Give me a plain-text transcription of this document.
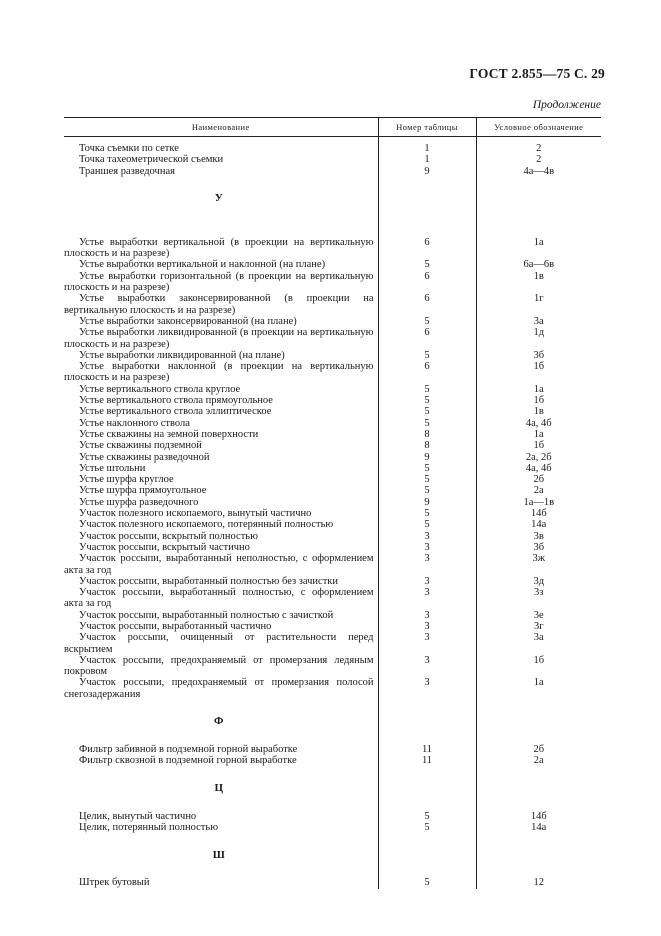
ГОСТ 2.855—75 С. 29
Продолжение
Наименование	Номер таблицы	Условное обозначение

Точка съемки по сетке	1	2

Точка тахеометрической съемки	1	2

Траншея разведочная	9	4а—4в
У		

Устье выработки вертикальной (в проекции на вертикальную плоскость и на разрезе)	6	1а

Устье выработки вертикальной и наклонной (на плане)	5	6а—6в

Устье выработки горизонтальной (в проекции на вертикальную плоскость и на разрезе)	6	1в

Устье выработки законсервированной (в проекции на вертикальную плоскость и на разрезе)	6	1г

Устье выработки законсервированной (на плане)	5	3а

Устье выработки ликвидированной (в проекции на вертикальную плоскость и на разрезе)	6	1д

Устье выработки ликвидированной (на плане)	5	3б

Устье выработки наклонной (в проекции на вертикальную плоскость и на разрезе)	6	1б

Устье вертикального ствола круглое	5	1а

Устье вертикального ствола прямоугольное	5	1б

Устье вертикального ствола эллиптическое	5	1в

Устье наклонного ствола	5	4а, 4б

Устье скважины на земной поверхности	8	1а

Устье скважины подземной	8	1б

Устье скважины разведочной	9	2а, 2б

Устье штольни	5	4а, 4б

Устье шурфа круглое	5	2б

Устье шурфа прямоугольное	5	2а

Устье шурфа разведочного	9	1а—1в

Участок полезного ископаемого, вынутый частично	5	14б

Участок полезного ископаемого, потерянный полностью	5	14а

Участок россыпи, вскрытый полностью	3	3в

Участок россыпи, вскрытый частично	3	3б

Участок россыпи, выработанный неполностью, с оформлением акта за год	3	3ж

Участок россыпи, выработанный полностью без зачистки	3	3д

Участок россыпи, выработанный полностью, с оформлением акта за год	3	3з

Участок россыпи, выработанный полностью с зачисткой	3	3е

Участок россыпи, выработанный частично	3	3г

Участок россыпи, очищенный от растительности перед вскрытием	3	3а

Участок россыпи, предохраняемый от промерзания ледяным покровом	3	1б

Участок россыпи, предохраняемый от промерзания полосой снегозадержания	3	1а
Ф		

Фильтр забивной в подземной горной выработке	11	2б

Фильтр сквозной в подземной горной выработке	11	2а
Ц		

Целик, вынутый частично	5	14б

Целик, потерянный полностью	5	14а
Ш		

Штрек бутовый	5	12
